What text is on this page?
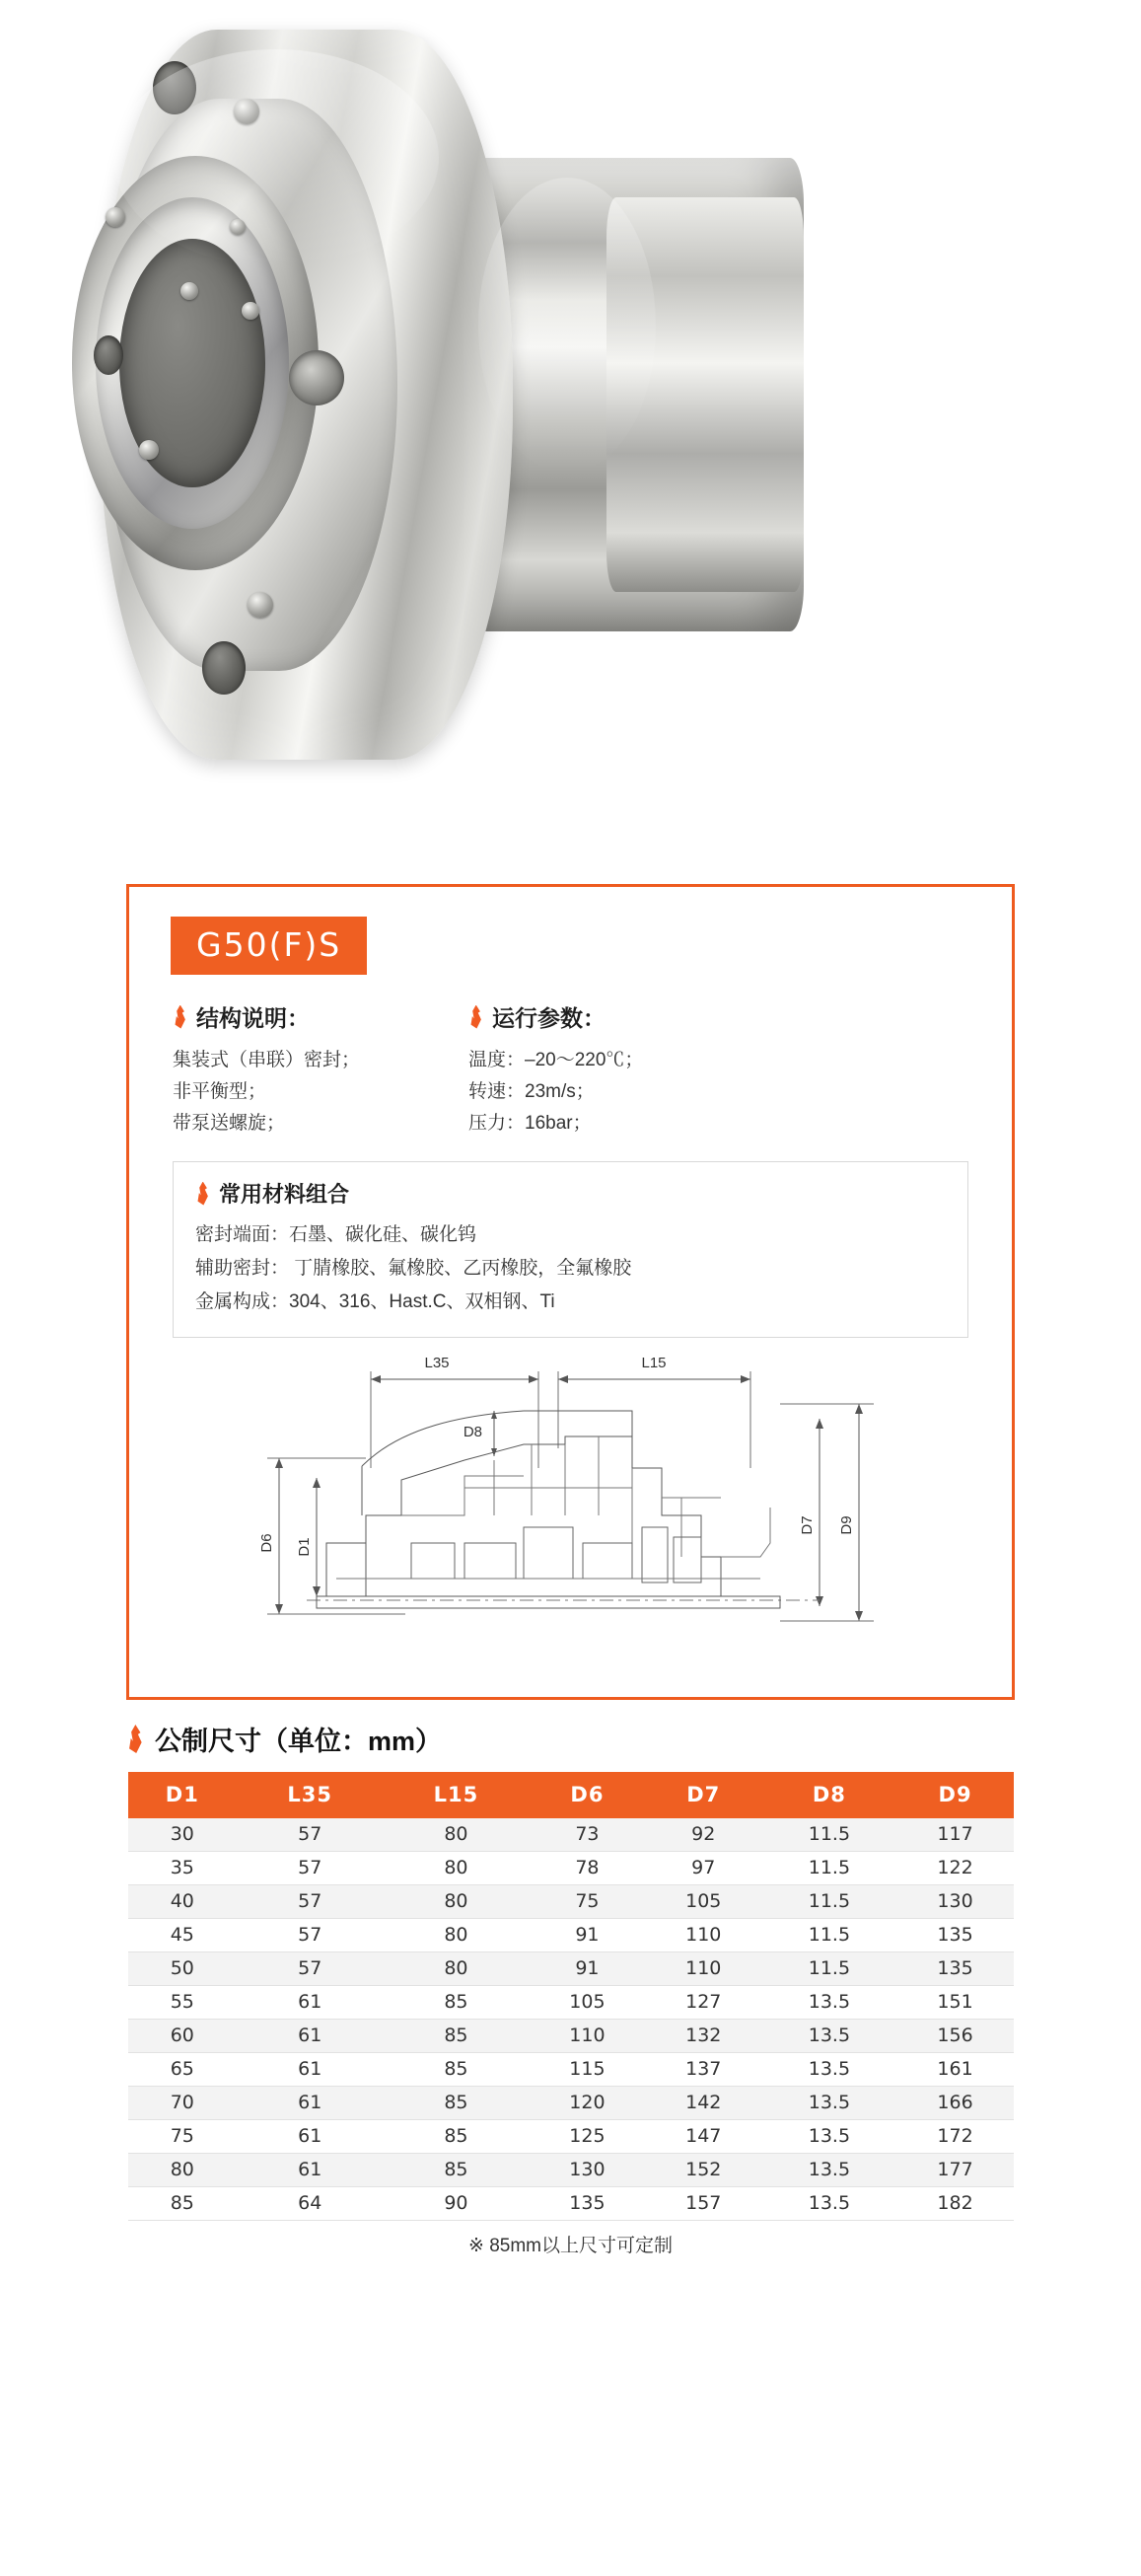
G50(F)S
结构说明：
集装式（串联）密封；
非平衡型；
带泵送螺旋；
运行参数：
温度：–20～220℃；
转速：23m/s；
压力：16bar；
常用材料组合
密封端面：石墨、碳化硅、碳化钨
辅助密封： 丁腈橡胶、氟橡胶、乙丙橡胶，全氟橡胶
金属构成：304、316、Hast.C、双相钢、Ti
L35	L15
D8
D6 D1
D7 D9
公制尺寸（单位：mm）
D1	L35	L15	D6	D7	D8	D9
30	57	80	73	92	11.5	117
35	57	80	78	97	11.5	122
40	57	80	75	105	11.5	130
45	57	80	91	110	11.5	135
50	57	80	91	110	11.5	135
55	61	85	105	127	13.5	151
60	61	85	110	132	13.5	156
65	61	85	115	137	13.5	161
70	61	85	120	142	13.5	166
75	61	85	125	147	13.5	172
80	61	85	130	152	13.5	177
85	64	90	135	157	13.5	182
※ 85mm以上尺寸可定制
